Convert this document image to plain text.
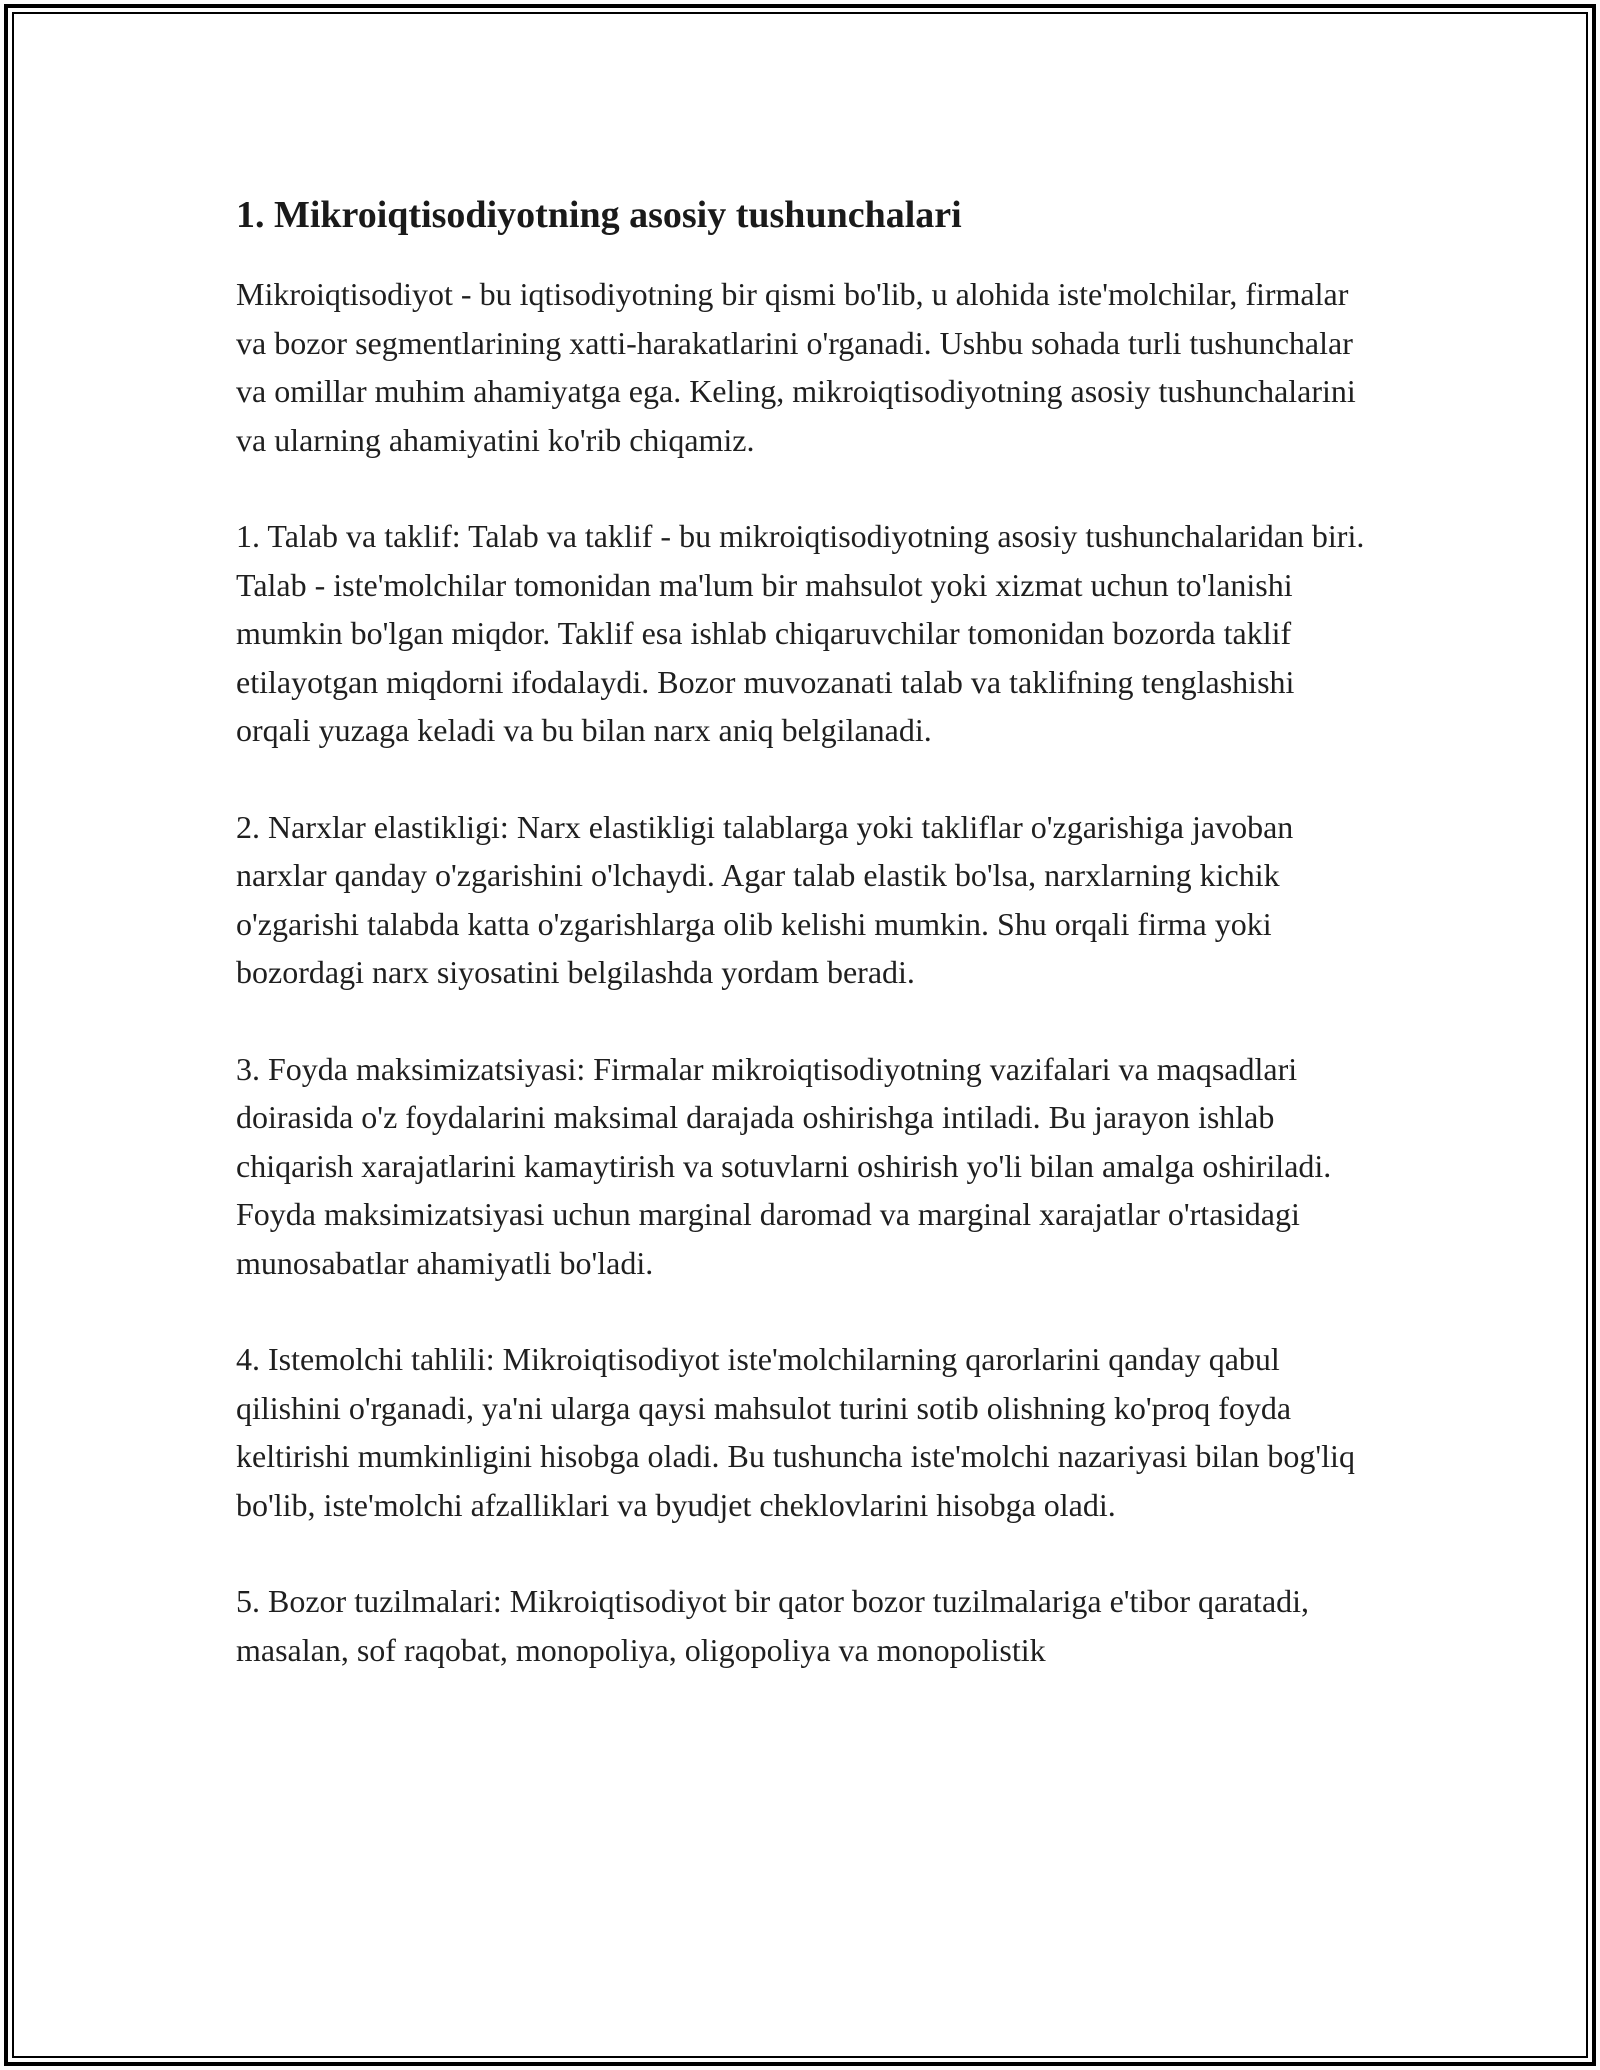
1. Mikroiqtisodiyotning asosiy tushunchalari

Mikroiqtisodiyot - bu iqtisodiyotning bir qismi bo'lib, u alohida iste'molchilar, firmalar va bozor segmentlarining xatti-harakatlarini o'rganadi. Ushbu sohada turli tushunchalar va omillar muhim ahamiyatga ega. Keling, mikroiqtisodiyotning asosiy tushunchalarini va ularning ahamiyatini ko'rib chiqamiz.

1. Talab va taklif: Talab va taklif - bu mikroiqtisodiyotning asosiy tushunchalaridan biri. Talab - iste'molchilar tomonidan ma'lum bir mahsulot yoki xizmat uchun to'lanishi mumkin bo'lgan miqdor. Taklif esa ishlab chiqaruvchilar tomonidan bozorda taklif etilayotgan miqdorni ifodalaydi. Bozor muvozanati talab va taklifning tenglashishi orqali yuzaga keladi va bu bilan narx aniq belgilanadi.

2. Narxlar elastikligi: Narx elastikligi talablarga yoki takliflar o'zgarishiga javoban narxlar qanday o'zgarishini o'lchaydi. Agar talab elastik bo'lsa, narxlarning kichik o'zgarishi talabda katta o'zgarishlarga olib kelishi mumkin. Shu orqali firma yoki bozordagi narx siyosatini belgilashda yordam beradi.

3. Foyda maksimizatsiyasi: Firmalar mikroiqtisodiyotning vazifalari va maqsadlari doirasida o'z foydalarini maksimal darajada oshirishga intiladi. Bu jarayon ishlab chiqarish xarajatlarini kamaytirish va sotuvlarni oshirish yo'li bilan amalga oshiriladi. Foyda maksimizatsiyasi uchun marginal daromad va marginal xarajatlar o'rtasidagi munosabatlar ahamiyatli bo'ladi.

4. Istemolchi tahlili: Mikroiqtisodiyot iste'molchilarning qarorlarini qanday qabul qilishini o'rganadi, ya'ni ularga qaysi mahsulot turini sotib olishning ko'proq foyda keltirishi mumkinligini hisobga oladi. Bu tushuncha iste'molchi nazariyasi bilan bog'liq bo'lib, iste'molchi afzalliklari va byudjet cheklovlarini hisobga oladi.

5. Bozor tuzilmalari: Mikroiqtisodiyot bir qator bozor tuzilmalariga e'tibor qaratadi, masalan, sof raqobat, monopoliya, oligopoliya va monopolistik
